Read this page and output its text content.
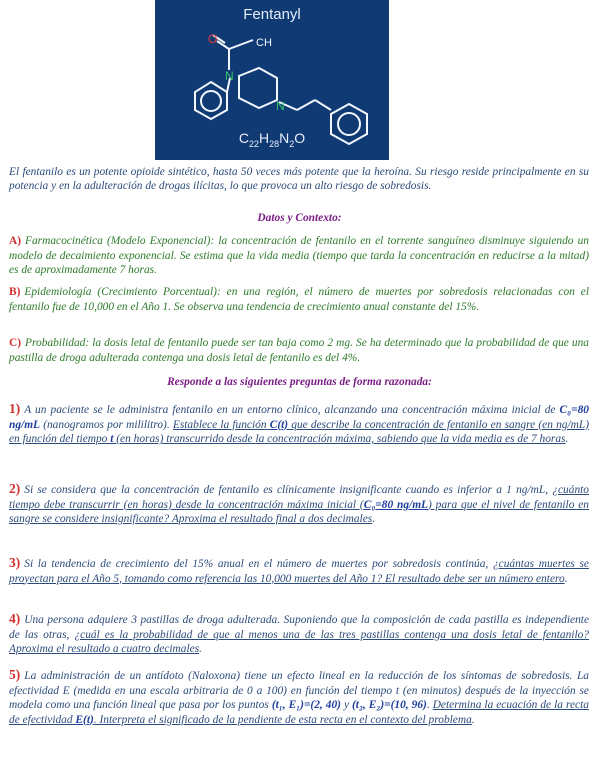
Fentanyl
O
N
N
CH
$C_{22}H_{28}N_2O$
El fentanilo es un potente opioide sintético, hasta 50 veces más potente que la heroína. Su riesgo reside principalmente en su potencia y en la adulteración de drogas ilícitas, lo que provoca un alto riesgo de sobredosis.
Datos y Contexto:
A) Farmacocinética (Modelo Exponencial): la concentración de fentanilo en el torrente sanguíneo disminuye siguiendo un modelo de decaimiento exponencial. Se estima que la vida media (tiempo que tarda la concentración en reducirse a la mitad) es de aproximadamente 7 horas.
B) Epidemiología (Crecimiento Porcentual): en una región, el número de muertes por sobredosis relacionadas con el fentanilo fue de 10,000 en el Año 1. Se observa una tendencia de crecimiento anual constante del 15%.
C) Probabilidad: la dosis letal de fentanilo puede ser tan baja como 2 mg. Se ha determinado que la probabilidad de que una pastilla de droga adulterada contenga una dosis letal de fentanilo es del 4%.
Responde a las siguientes preguntas de forma razonada:
1) A un paciente se le administra fentanilo en un entorno clínico, alcanzando una concentración máxima inicial de C₀=80 ng/mL (nanogramos por mililitro). Establece la función C(t) que describe la concentración de fentanilo en sangre (en ng/mL) en función del tiempo t (en horas) transcurrido desde la concentración máxima, sabiendo que la vida media es de 7 horas.
2) Si se considera que la concentración de fentanilo es clínicamente insignificante cuando es inferior a 1 ng/mL, ¿cuánto tiempo debe transcurrir (en horas) desde la concentración máxima inicial (C₀=80 ng/mL) para que el nivel de fentanilo en sangre se considere insignificante? Aproxima el resultado final a dos decimales.
3) Si la tendencia de crecimiento del 15% anual en el número de muertes por sobredosis continúa, ¿cuántas muertes se proyectan para el Año 5, tomando como referencia las 10,000 muertes del Año 1? El resultado debe ser un número entero.
4) Una persona adquiere 3 pastillas de droga adulterada. Suponiendo que la composición de cada pastilla es independiente de las otras, ¿cuál es la probabilidad de que al menos una de las tres pastillas contenga una dosis letal de fentanilo? Aproxima el resultado a cuatro decimales.
5) La administración de un antídoto (Naloxona) tiene un efecto lineal en la reducción de los síntomas de sobredosis. La efectividad E (medida en una escala arbitraria de 0 a 100) en función del tiempo t (en minutos) después de la inyección se modela como una función lineal que pasa por los puntos (t₁, E₁)=(2, 40) y (t₂, E₂)=(10, 96). Determina la ecuación de la recta de efectividad E(t). Interpreta el significado de la pendiente de esta recta en el contexto del problema.
